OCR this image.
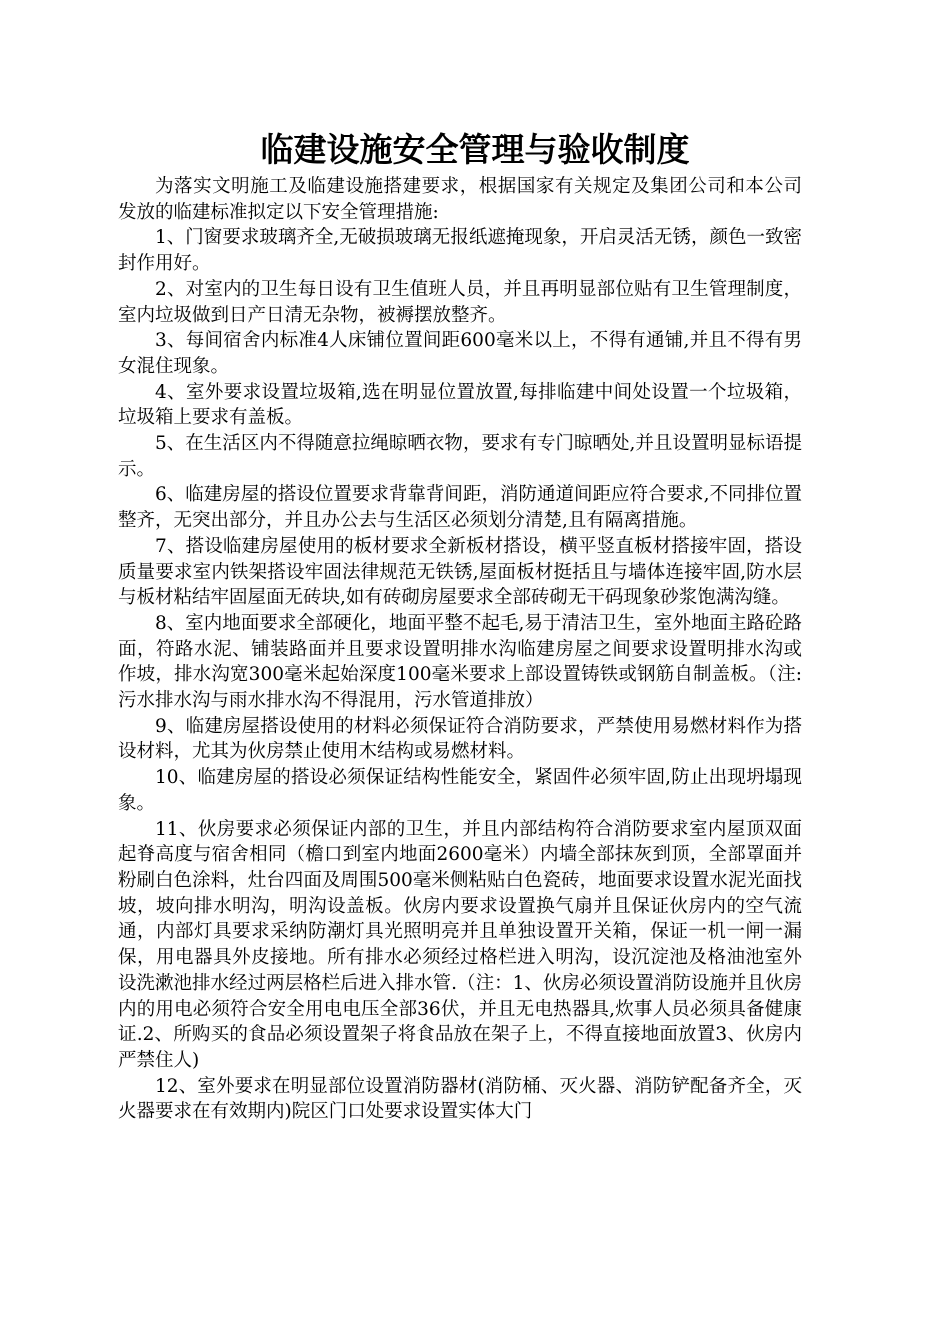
临建设施安全管理与验收制度

为落实文明施工及临建设施搭建要求，根据国家有关规定及集团公司和本公司发放的临建标准拟定以下安全管理措施:

1、门窗要求玻璃齐全,无破损玻璃无报纸遮掩现象，开启灵活无锈，颜色一致密封作用好。

2、对室内的卫生每日设有卫生值班人员，并且再明显部位贴有卫生管理制度，室内垃圾做到日产日清无杂物，被褥摆放整齐。

3、每间宿舍内标准4人床铺位置间距600毫米以上，不得有通铺,并且不得有男女混住现象。

4、室外要求设置垃圾箱,选在明显位置放置,每排临建中间处设置一个垃圾箱，垃圾箱上要求有盖板。

5、在生活区内不得随意拉绳晾晒衣物，要求有专门晾晒处,并且设置明显标语提示。

6、临建房屋的搭设位置要求背靠背间距，消防通道间距应符合要求,不同排位置整齐，无突出部分，并且办公去与生活区必须划分清楚,且有隔离措施。

7、搭设临建房屋使用的板材要求全新板材搭设，横平竖直板材搭接牢固，搭设质量要求室内铁架搭设牢固法律规范无铁锈,屋面板材挺括且与墙体连接牢固,防水层与板材粘结牢固屋面无砖块,如有砖砌房屋要求全部砖砌无干码现象砂浆饱满沟缝。

8、室内地面要求全部硬化，地面平整不起毛,易于清洁卫生，室外地面主路砼路面，符路水泥、铺装路面并且要求设置明排水沟临建房屋之间要求设置明排水沟或作坡，排水沟宽300毫米起始深度100毫米要求上部设置铸铁或钢筋自制盖板。（注:污水排水沟与雨水排水沟不得混用，污水管道排放）

9、临建房屋搭设使用的材料必须保证符合消防要求，严禁使用易燃材料作为搭设材料，尤其为伙房禁止使用木结构或易燃材料。

10、临建房屋的搭设必须保证结构性能安全，紧固件必须牢固,防止出现坍塌现象。

11、伙房要求必须保证内部的卫生，并且内部结构符合消防要求室内屋顶双面起脊高度与宿舍相同（檐口到室内地面2600毫米）内墙全部抹灰到顶，全部罩面并粉刷白色涂料，灶台四面及周围500毫米侧粘贴白色瓷砖，地面要求设置水泥光面找坡，坡向排水明沟，明沟设盖板。伙房内要求设置换气扇并且保证伙房内的空气流通，内部灯具要求采纳防潮灯具光照明亮并且单独设置开关箱，保证一机一闸一漏保，用电器具外皮接地。所有排水必须经过格栏进入明沟，设沉淀池及格油池室外设洗漱池排水经过两层格栏后进入排水管.（注：1、伙房必须设置消防设施并且伙房内的用电必须符合安全用电电压全部36伏，并且无电热器具,炊事人员必须具备健康证.2、所购买的食品必须设置架子将食品放在架子上，不得直接地面放置3、伙房内严禁住人)

12、室外要求在明显部位设置消防器材(消防桶、灭火器、消防铲配备齐全，灭火器要求在有效期内)院区门口处要求设置实体大门
